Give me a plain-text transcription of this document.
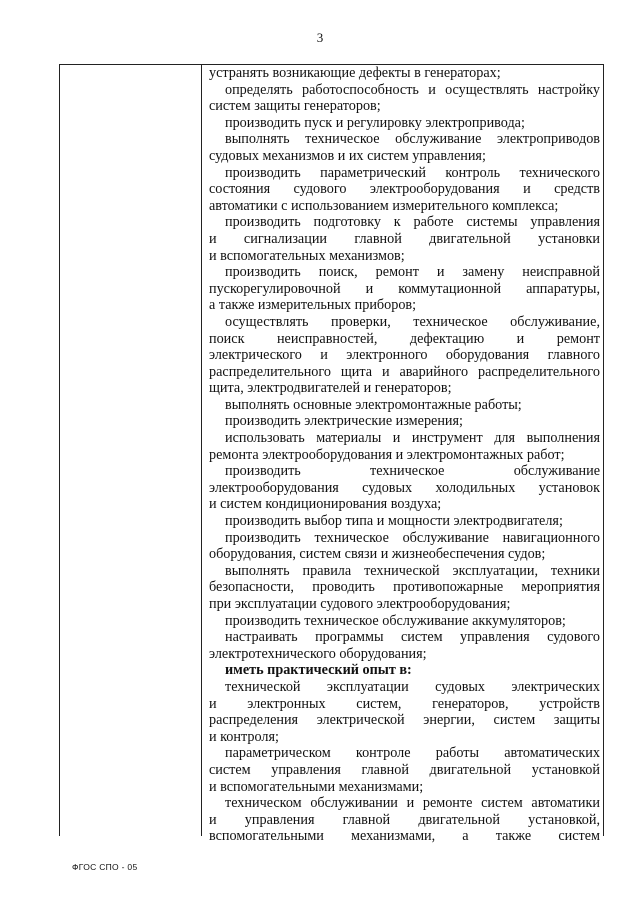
3
устранять возникающие дефекты в генераторах;
определять работоспособность и осуществлять настройку
систем защиты генераторов;
производить пуск и регулировку электропривода;
выполнять техническое обслуживание электроприводов
судовых механизмов и их систем управления;
производить параметрический контроль технического
состояния судового электрооборудования и средств
автоматики с использованием измерительного комплекса;
производить подготовку к работе системы управления
и сигнализации главной двигательной установки
и вспомогательных механизмов;
производить поиск, ремонт и замену неисправной
пускорегулировочной и коммутационной аппаратуры,
а также измерительных приборов;
осуществлять проверки, техническое обслуживание,
поиск неисправностей, дефектацию и ремонт
электрического и электронного оборудования главного
распределительного щита и аварийного распределительного
щита, электродвигателей и генераторов;
выполнять основные электромонтажные работы;
производить электрические измерения;
использовать материалы и инструмент для выполнения
ремонта электрооборудования и электромонтажных работ;
производить техническое обслуживание
электрооборудования судовых холодильных установок
и систем кондиционирования воздуха;
производить выбор типа и мощности электродвигателя;
производить техническое обслуживание навигационного
оборудования, систем связи и жизнеобеспечения судов;
выполнять правила технической эксплуатации, техники
безопасности, проводить противопожарные мероприятия
при эксплуатации судового электрооборудования;
производить техническое обслуживание аккумуляторов;
настраивать программы систем управления судового
электротехнического оборудования;
иметь практический опыт в:
технической эксплуатации судовых электрических
и электронных систем, генераторов, устройств
распределения электрической энергии, систем защиты
и контроля;
параметрическом контроле работы автоматических
систем управления главной двигательной установкой
и вспомогательными механизмами;
техническом обслуживании и ремонте систем автоматики
и управления главной двигательной установкой,
вспомогательными механизмами, а также систем
ФГОС СПО - 05
